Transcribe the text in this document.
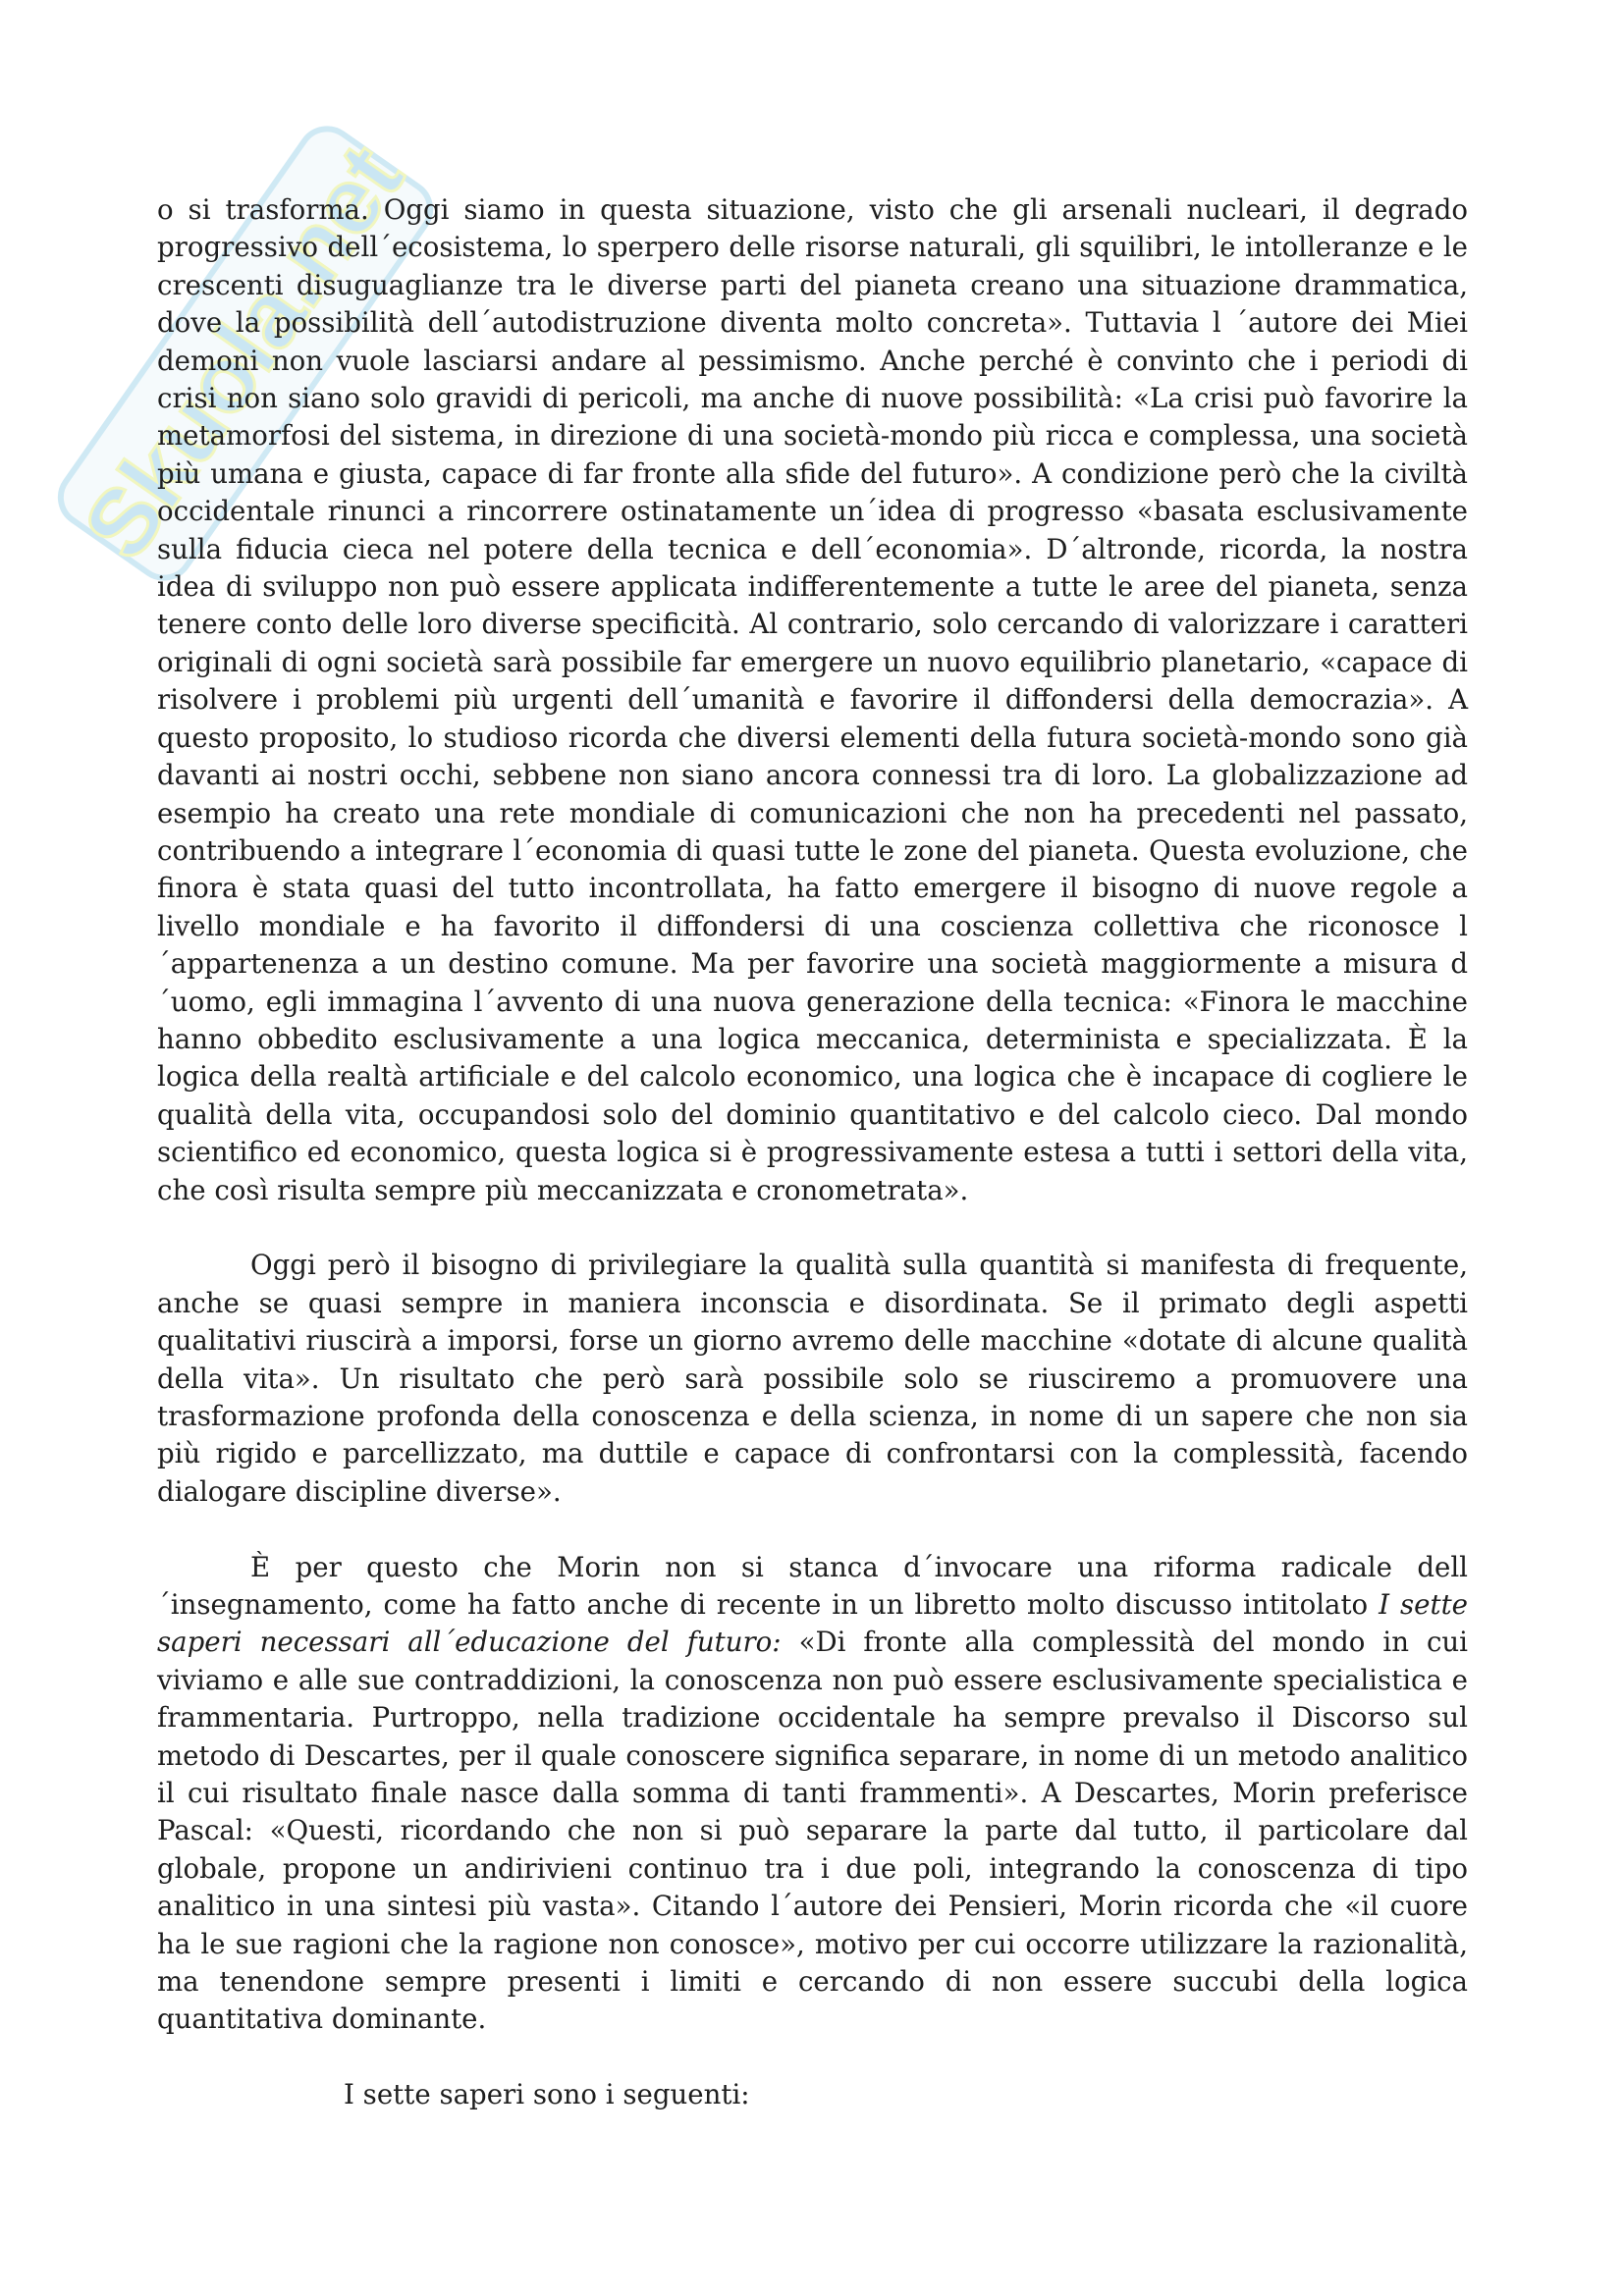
Skuola.net

o si trasforma. Oggi siamo in questa situazione, visto che gli arsenali nucleari, il degrado progressivo dell´ecosistema, lo sperpero delle risorse naturali, gli squilibri, le intolleranze e le crescenti disuguaglianze tra le diverse parti del pianeta creano una situazione drammatica, dove la possibilità dell´autodistruzione diventa molto concreta». Tuttavia l ´autore dei Miei demoni non vuole lasciarsi andare al pessimismo. Anche perché è convinto che i periodi di crisi non siano solo gravidi di pericoli, ma anche di nuove possibilità: «La crisi può favorire la metamorfosi del sistema, in direzione di una società-mondo più ricca e complessa, una società più umana e giusta, capace di far fronte alla sfide del futuro». A condizione però che la civiltà occidentale rinunci a rincorrere ostinatamente un´idea di progresso «basata esclusivamente sulla fiducia cieca nel potere della tecnica e dell´economia». D´altronde, ricorda, la nostra idea di sviluppo non può essere applicata indifferentemente a tutte le aree del pianeta, senza tenere conto delle loro diverse specificità. Al contrario, solo cercando di valorizzare i caratteri originali di ogni società sarà possibile far emergere un nuovo equilibrio planetario, «capace di risolvere i problemi più urgenti dell´umanità e favorire il diffondersi della democrazia». A questo proposito, lo studioso ricorda che diversi elementi della futura società-mondo sono già davanti ai nostri occhi, sebbene non siano ancora connessi tra di loro. La globalizzazione ad esempio ha creato una rete mondiale di comunicazioni che non ha precedenti nel passato, contribuendo a integrare l´economia di quasi tutte le zone del pianeta. Questa evoluzione, che finora è stata quasi del tutto incontrollata, ha fatto emergere il bisogno di nuove regole a livello mondiale e ha favorito il diffondersi di una coscienza collettiva che riconosce l ´appartenenza a un destino comune. Ma per favorire una società maggiormente a misura d ´uomo, egli immagina l´avvento di una nuova generazione della tecnica: «Finora le macchine hanno obbedito esclusivamente a una logica meccanica, determinista e specializzata. È la logica della realtà artificiale e del calcolo economico, una logica che è incapace di cogliere le qualità della vita, occupandosi solo del dominio quantitativo e del calcolo cieco. Dal mondo scientifico ed economico, questa logica si è progressivamente estesa a tutti i settori della vita, che così risulta sempre più meccanizzata e cronometrata».

Oggi però il bisogno di privilegiare la qualità sulla quantità si manifesta di frequente, anche se quasi sempre in maniera inconscia e disordinata. Se il primato degli aspetti qualitativi riuscirà a imporsi, forse un giorno avremo delle macchine «dotate di alcune qualità della vita». Un risultato che però sarà possibile solo se riusciremo a promuovere una trasformazione profonda della conoscenza e della scienza, in nome di un sapere che non sia più rigido e parcellizzato, ma duttile e capace di confrontarsi con la complessità, facendo dialogare discipline diverse».

È per questo che Morin non si stanca d´invocare una riforma radicale dell ´insegnamento, come ha fatto anche di recente in un libretto molto discusso intitolato I sette saperi necessari all´educazione del futuro: «Di fronte alla complessità del mondo in cui viviamo e alle sue contraddizioni, la conoscenza non può essere esclusivamente specialistica e frammentaria. Purtroppo, nella tradizione occidentale ha sempre prevalso il Discorso sul metodo di Descartes, per il quale conoscere significa separare, in nome di un metodo analitico il cui risultato finale nasce dalla somma di tanti frammenti». A Descartes, Morin preferisce Pascal: «Questi, ricordando che non si può separare la parte dal tutto, il particolare dal globale, propone un andirivieni continuo tra i due poli, integrando la conoscenza di tipo analitico in una sintesi più vasta». Citando l´autore dei Pensieri, Morin ricorda che «il cuore ha le sue ragioni che la ragione non conosce», motivo per cui occorre utilizzare la razionalità, ma tenendone sempre presenti i limiti e cercando di non essere succubi della logica quantitativa dominante.

I sette saperi sono i seguenti:
